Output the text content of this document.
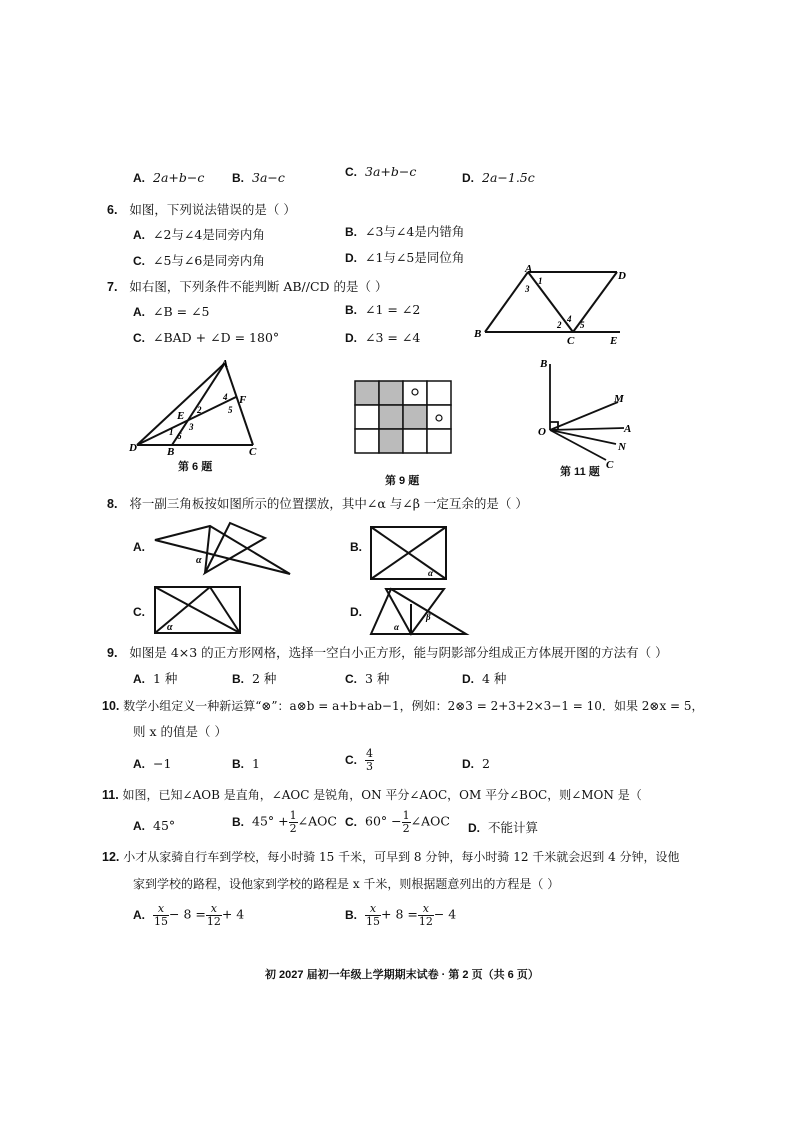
A. 2a+b−c B. 3a−c	C. 3a+b−c	D. 2a−1.5c
6. 如图，下列说法错误的是（ ）
A. ∠2与∠4是同旁内角	B. ∠3与∠4是内错角
C. ∠5与∠6是同旁内角	D. ∠1与∠5是同位角
7. 如右图，下列条件不能判断 AB//CD 的是（ ）
A. ∠B = ∠5	B. ∠1 = ∠2
C. ∠BAD + ∠D = 180°	D. ∠3 = ∠4
A
D
B
C	E
1
3
2
4
5
A
D	B	C
E
F
2
3
4
5
1 6
第 6 题
第 9 题
B
O
M
A
N
C
第 11 题
8. 将一副三角板按如图所示的位置摆放，其中∠α 与∠β 一定互余的是（ ）
A.
α
B.
α
C.
α
D.
α
β
9. 如图是 4×3 的正方形网格，选择一空白小正方形，能与阴影部分组成正方体展开图的方法有（ ）
A. 1 种	B. 2 种	C. 3 种	D. 4 种
10. 数学小组定义一种新运算“⊗”：a⊗b = a+b+ab−1，例如：2⊗3 = 2+3+2×3−1 = 10．如果 2⊗x = 5，
则 x 的值是（ ）
A. −1	B. 1	C. $\frac{4}{3}$	D. 2
11. 如图，已知∠AOB 是直角，∠AOC 是锐角，ON 平分∠AOC，OM 平分∠BOC，则∠MON 是（
A. 45°	B. $45^\circ + \frac{1}{2}$ ∠AOC C. $60^\circ - \frac{1}{2}$ ∠AOC D. 不能计算
12. 小才从家骑自行车到学校，每小时骑 15 千米，可早到 8 分钟，每小时骑 12 千米就会迟到 4 分钟，设他
家到学校的路程，设他家到学校的路程是 x 千米，则根据题意列出的方程是（ ）
A. $\frac{x}{15} - 8 = \frac{x}{12} + 4$	B. $\frac{x}{15} + 8 = \frac{x}{12} - 4$
初 2027 届初一年级上学期期末试卷 · 第 2 页（共 6 页）
